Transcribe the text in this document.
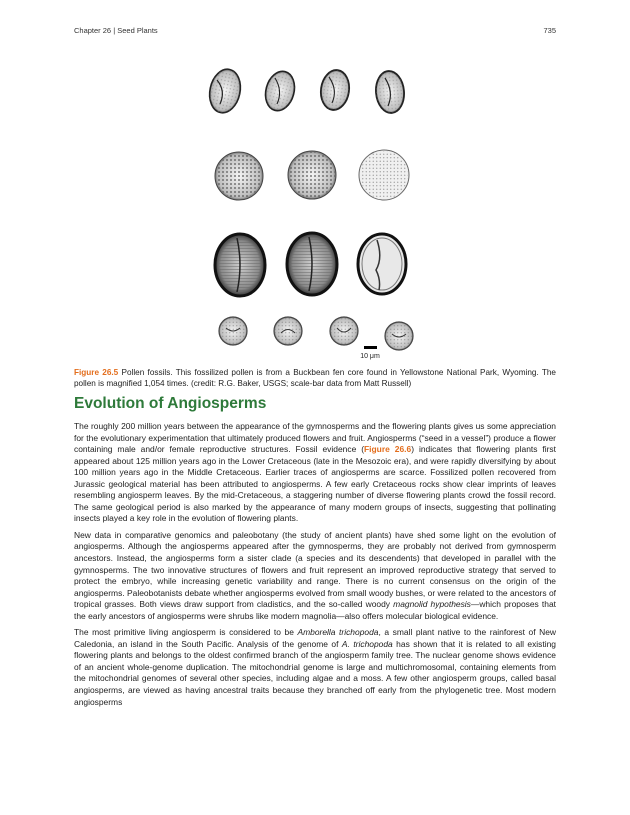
Chapter 26 | Seed Plants	735
10 μm
Figure 26.5 Pollen fossils. This fossilized pollen is from a Buckbean fen core found in Yellowstone National Park, Wyoming. The pollen is magnified 1,054 times. (credit: R.G. Baker, USGS; scale-bar data from Matt Russell)
Evolution of Angiosperms

The roughly 200 million years between the appearance of the gymnosperms and the flowering plants gives us some appreciation for the evolutionary experimentation that ultimately produced flowers and fruit. Angiosperms (“seed in a vessel”) produce a flower containing male and/or female reproductive structures. Fossil evidence (Figure 26.6) indicates that flowering plants first appeared about 125 million years ago in the Lower Cretaceous (late in the Mesozoic era), and were rapidly diversifying by about 100 million years ago in the Middle Cretaceous. Earlier traces of angiosperms are scarce. Fossilized pollen recovered from Jurassic geological material has been attributed to angiosperms. A few early Cretaceous rocks show clear imprints of leaves resembling angiosperm leaves. By the mid-Cretaceous, a staggering number of diverse flowering plants crowd the fossil record. The same geological period is also marked by the appearance of many modern groups of insects, suggesting that pollinating insects played a key role in the evolution of flowering plants.

New data in comparative genomics and paleobotany (the study of ancient plants) have shed some light on the evolution of angiosperms. Although the angiosperms appeared after the gymnosperms, they are probably not derived from gymnosperm ancestors. Instead, the angiosperms form a sister clade (a species and its descendents) that developed in parallel with the gymnosperms. The two innovative structures of flowers and fruit represent an improved reproductive strategy that served to protect the embryo, while increasing genetic variability and range. There is no current consensus on the origin of the angiosperms. Paleobotanists debate whether angiosperms evolved from small woody bushes, or were related to the ancestors of tropical grasses. Both views draw support from cladistics, and the so-called woody magnolid hypothesis—which proposes that the early ancestors of angiosperms were shrubs like modern magnolia—also offers molecular biological evidence.

The most primitive living angiosperm is considered to be Amborella trichopoda, a small plant native to the rainforest of New Caledonia, an island in the South Pacific. Analysis of the genome of A. trichopoda has shown that it is related to all existing flowering plants and belongs to the oldest confirmed branch of the angiosperm family tree. The nuclear genome shows evidence of an ancient whole-genome duplication. The mitochondrial genome is large and multichromosomal, containing elements from the mitochondrial genomes of several other species, including algae and a moss. A few other angiosperm groups, called basal angiosperms, are viewed as having ancestral traits because they branched off early from the phylogenetic tree. Most modern angiosperms
